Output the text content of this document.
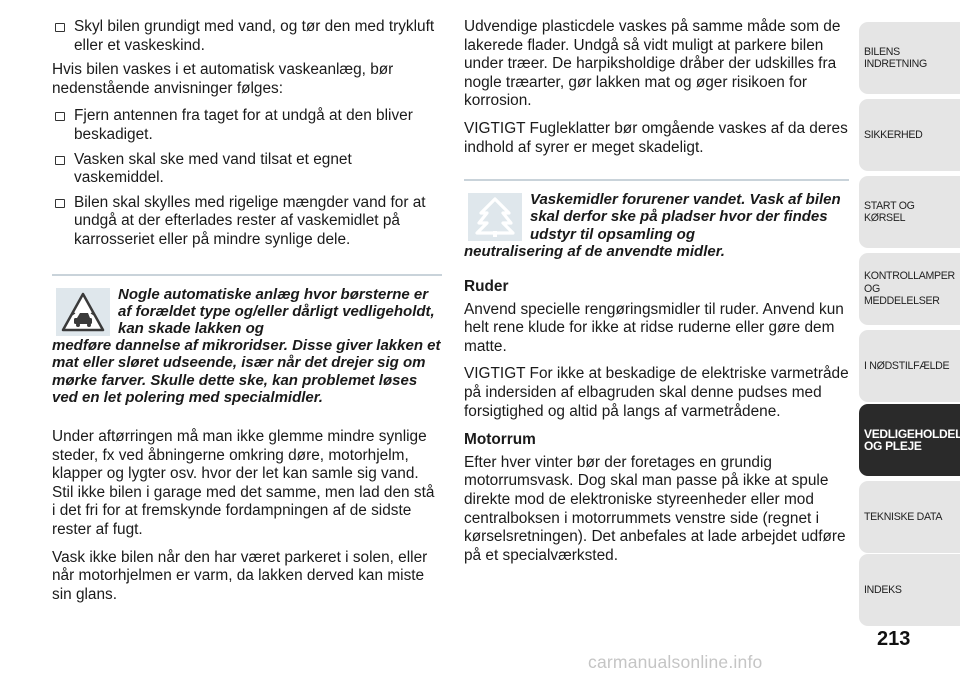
Skyl bilen grundigt med vand, og tør den med trykluft eller et vaskeskind.

Hvis bilen vaskes i et automatisk vaskeanlæg, bør nedenstående anvisninger følges:

Fjern antennen fra taget for at undgå at den bliver beskadiget.
Vasken skal ske med vand tilsat et egnet vaskemiddel.
Bilen skal skylles med rigelige mængder vand for at undgå at der efterlades rester af vaskemidlet på karrosseriet eller på mindre synlige dele.
Nogle automatiske anlæg hvor børsterne er af forældet type og/eller dårligt vedligeholdt, kan skade lakken og
medføre dannelse af mikroridser. Disse giver lakken et mat eller sløret udseende, især når det drejer sig om mørke farver. Skulle dette ske, kan problemet løses ved en let polering med specialmidler.

Under aftørringen må man ikke glemme mindre synlige steder, fx ved åbningerne omkring døre, motorhjelm, klapper og lygter osv. hvor der let kan samle sig vand. Stil ikke bilen i garage med det samme, men lad den stå i det fri for at fremskynde fordampningen af de sidste rester af fugt.

Vask ikke bilen når den har været parkeret i solen, eller når motorhjelmen er varm, da lakken derved kan miste sin glans.

Udvendige plasticdele vaskes på samme måde som de lakerede flader. Undgå så vidt muligt at parkere bilen under træer. De harpiksholdige dråber der udskilles fra nogle træarter, gør lakken mat og øger risikoen for korrosion.

VIGTIGT Fugleklatter bør omgående vaskes af da deres indhold af syrer er meget skadeligt.

Vaskemidler forurener vandet. Vask af bilen skal derfor ske på pladser hvor der findes udstyr til opsamling og
neutralisering af de anvendte midler.
Ruder

Anvend specielle rengøringsmidler til ruder. Anvend kun helt rene klude for ikke at ridse ruderne eller gøre dem matte.

VIGTIGT For ikke at beskadige de elektriske varmetråde på indersiden af elbagruden skal denne pudses med forsigtighed og altid på langs af varmetrådene.

Motorrum

Efter hver vinter bør der foretages en grundig motorrumsvask. Dog skal man passe på ikke at spule direkte mod de elektroniske styreenheder eller mod centralboksen i motorrummets venstre side (regnet i kørselsretningen). Det anbefales at lade arbejdet udføre på et specialværksted.

BILENS INDRETNING
SIKKERHED
START OG KØRSEL
KONTROLLAMPER OG MEDDELELSER
I NØDSTILFÆLDE
VEDLIGEHOLDELSE OG PLEJE
TEKNISKE DATA
INDEKS
213
carmanualsonline.info
